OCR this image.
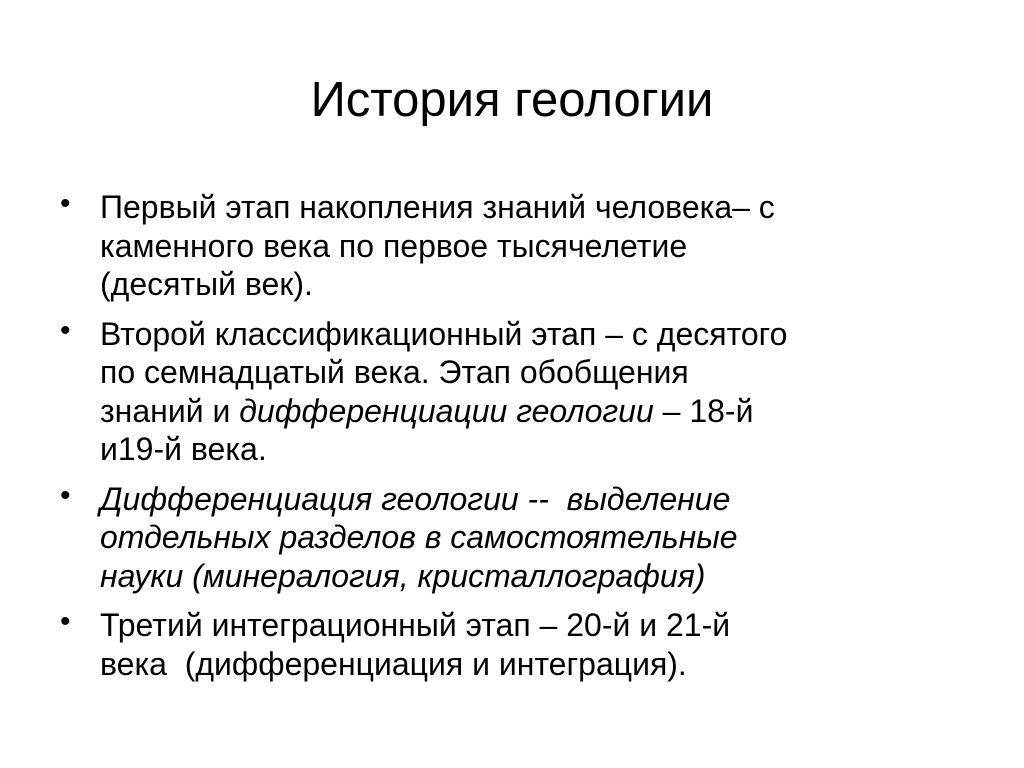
История геологии
• Первый этап накопления знаний человека– с
каменного века по первое тысячелетие
(десятый век).
• Второй классификационный этап – с десятого
по семнадцатый века. Этап обобщения
знаний и дифференциации геологии – 18-й
и19-й века.
• Дифференциация геологии --  выделение
отдельных разделов в самостоятельные
науки (минералогия, кристаллография)
• Третий интеграционный этап – 20-й и 21-й
века  (дифференциация и интеграция).
